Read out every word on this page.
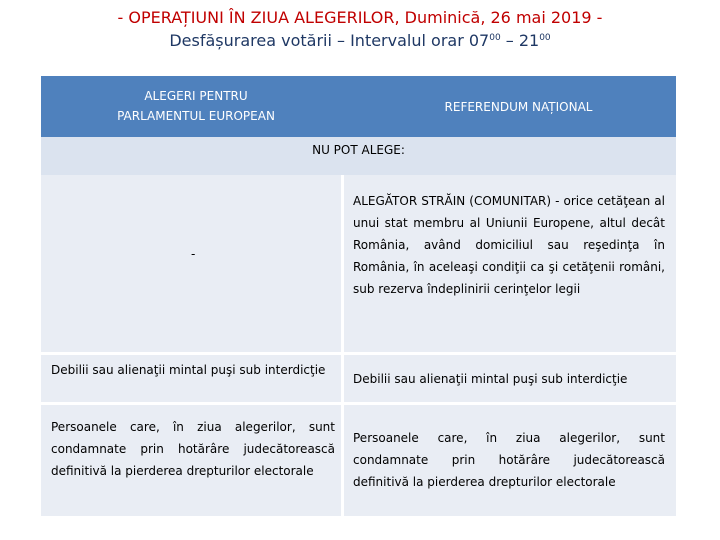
- OPERAȚIUNI ÎN ZIUA ALEGERILOR, Duminică, 26 mai 2019 -
Desfășurarea votării – Intervalul orar $07^{00} - 21^{00}$
ALEGERI PENTRU
PARLAMENTUL EUROPEAN
REFERENDUM NAȚIONAL
NU POT ALEGE:
-
ALEGĂTOR STRĂIN (COMUNITAR) - orice cetăţean al unui stat membru al Uniunii Europene, altul decât România, având domiciliul sau reşedinţa în România, în aceleaşi condiţii ca şi cetăţenii români, sub rezerva îndeplinirii cerinţelor legii
Debilii sau alienaţii mintal puşi sub interdicţie
Debilii sau alienaţii mintal puşi sub interdicţie
Persoanele care, în ziua alegerilor, sunt condamnate prin hotărâre judecătorească definitivă la pierderea drepturilor electorale
Persoanele care, în ziua alegerilor, sunt condamnate prin hotărâre judecătorească definitivă la pierderea drepturilor electorale
